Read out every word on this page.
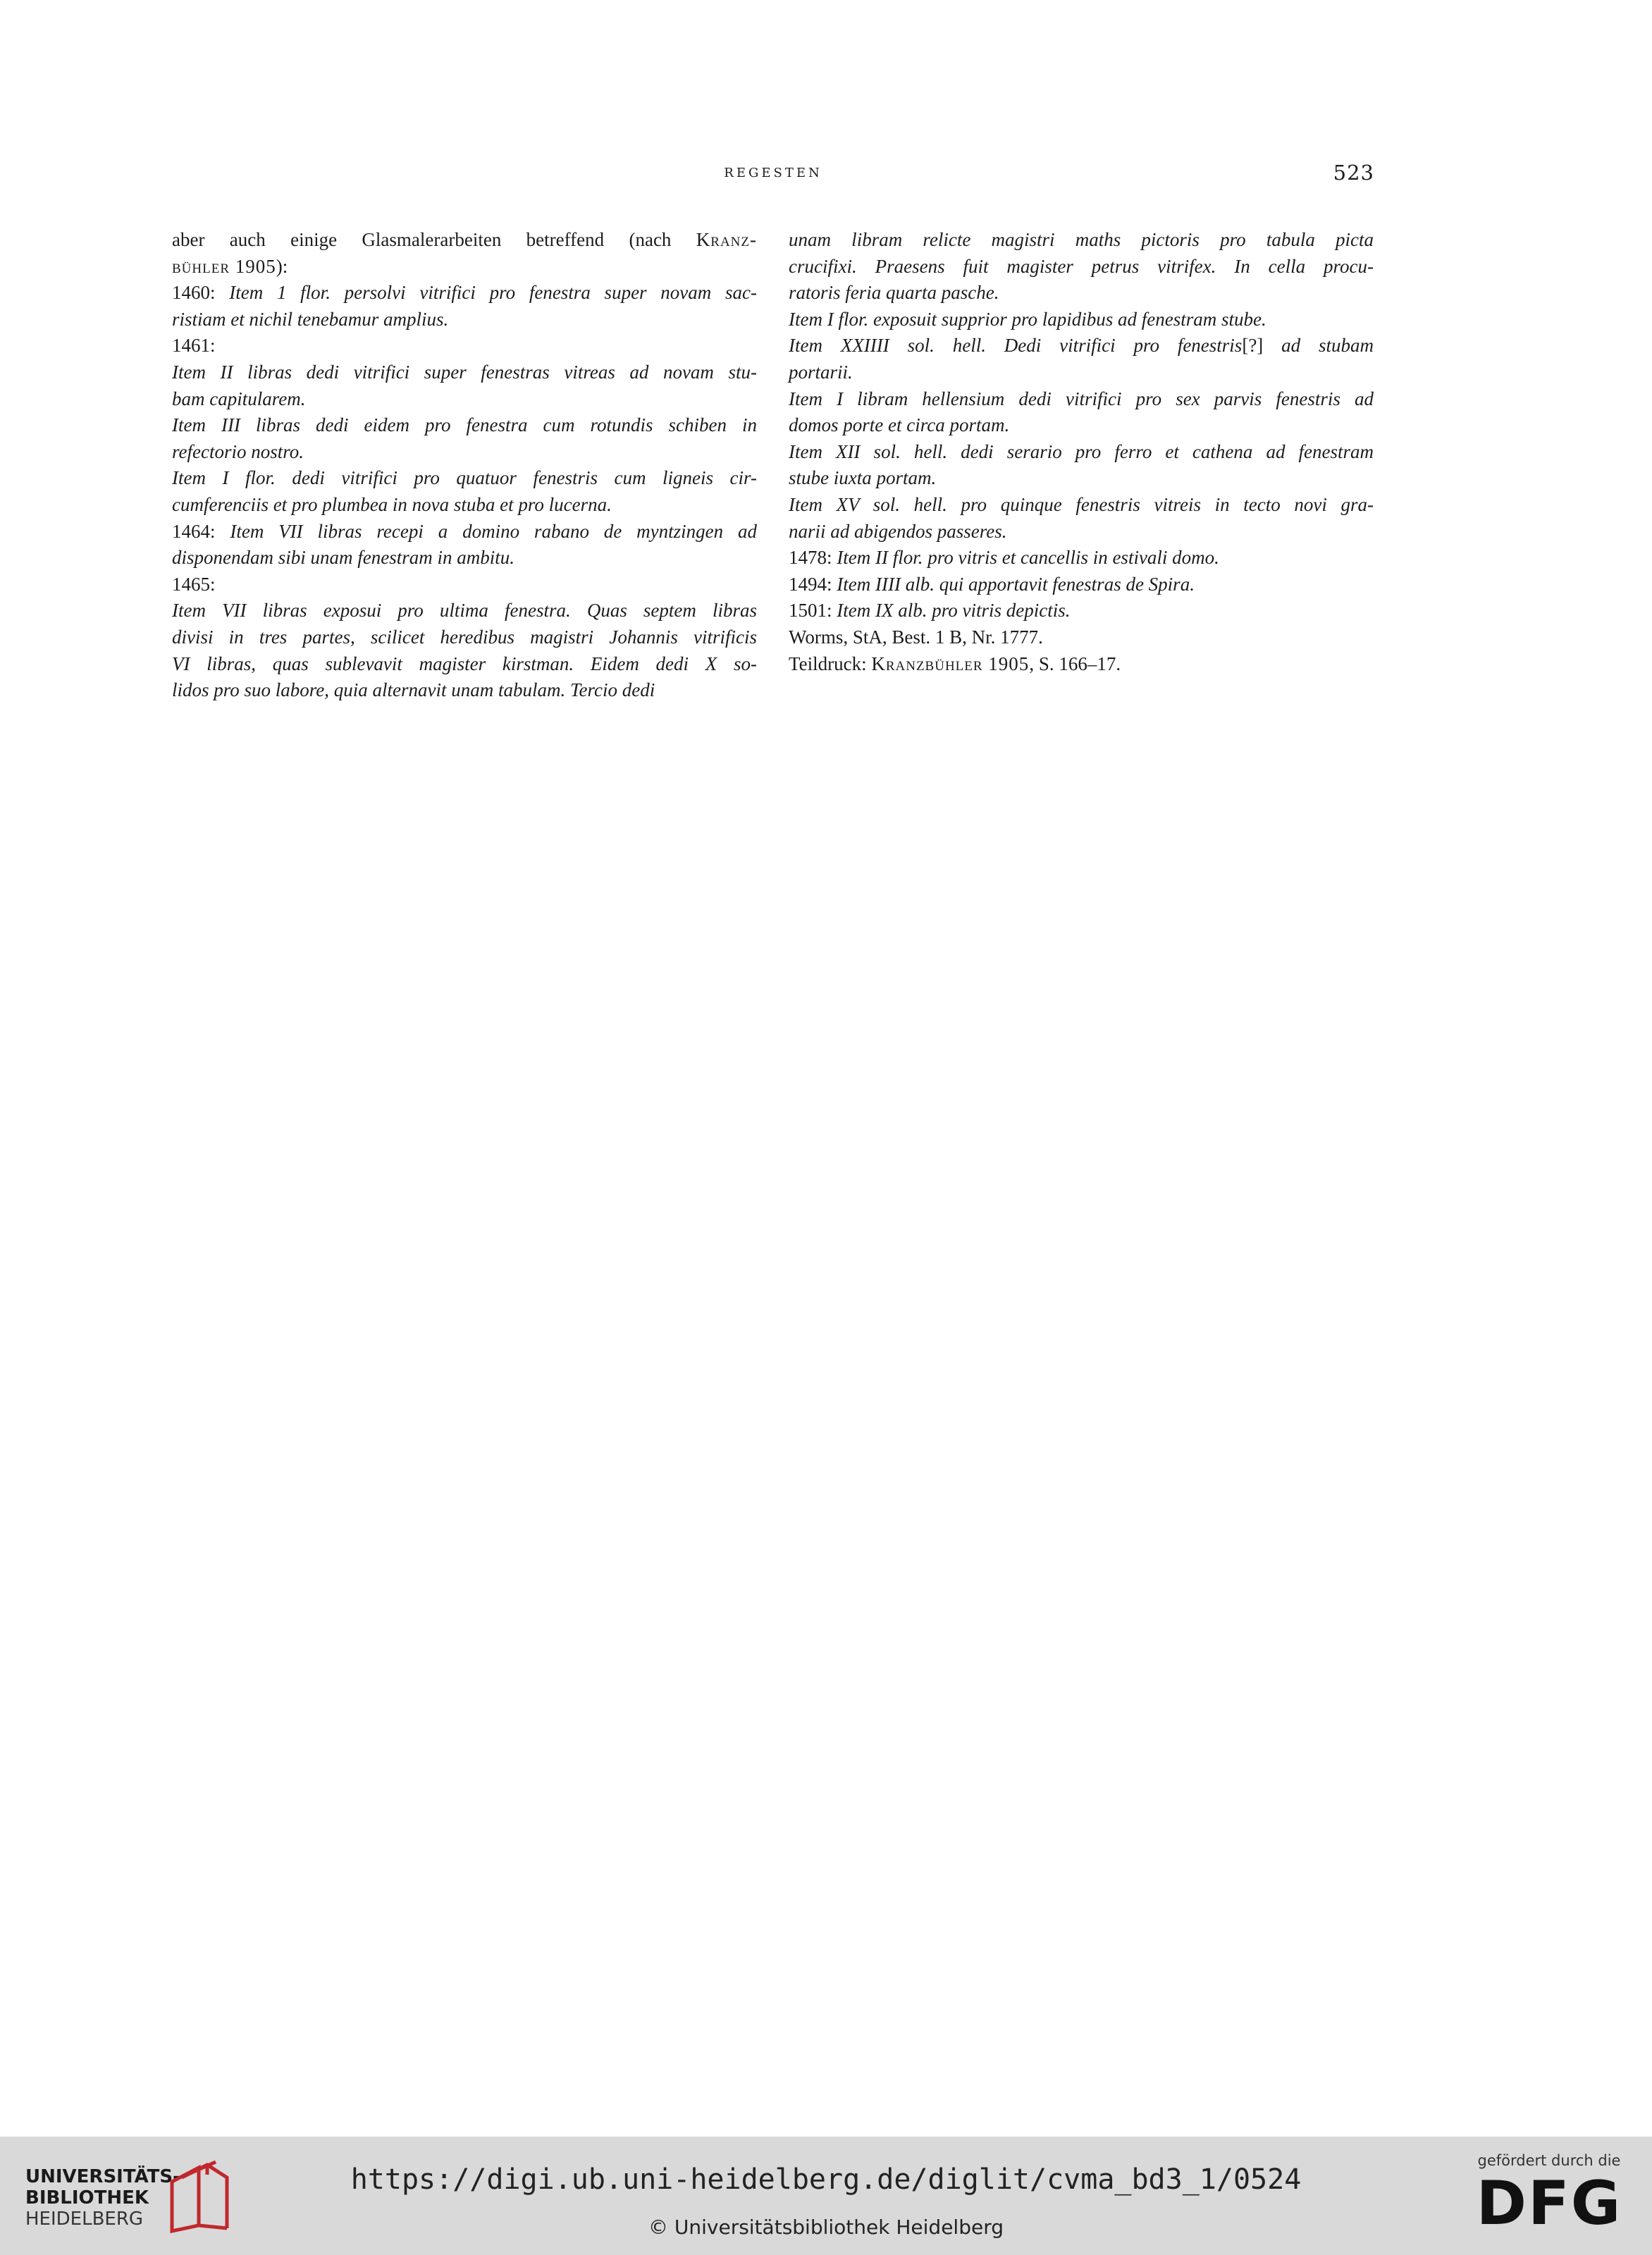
regesten	523
aber auch einige Glasmalerarbeiten betreffend (nach Kranz-
bühler 1905):
1460: Item 1 flor. persolvi vitrifici pro fenestra super novam sac-
ristiam et nichil tenebamur amplius.
1461:
Item II libras dedi vitrifici super fenestras vitreas ad novam stu-
bam capitularem.
Item III libras dedi eidem pro fenestra cum rotundis schiben in
refectorio nostro.
Item I flor. dedi vitrifici pro quatuor fenestris cum ligneis cir-
cumferenciis et pro plumbea in nova stuba et pro lucerna.
1464: Item VII libras recepi a domino rabano de myntzingen ad
disponendam sibi unam fenestram in ambitu.
1465:
Item VII libras exposui pro ultima fenestra. Quas septem libras
divisi in tres partes, scilicet heredibus magistri Johannis vitrificis
VI libras, quas sublevavit magister kirstman. Eidem dedi X so-
lidos pro suo labore, quia alternavit unam tabulam. Tercio dedi
unam libram relicte magistri maths pictoris pro tabula picta
crucifixi. Praesens fuit magister petrus vitrifex. In cella procu-
ratoris feria quarta pasche.
Item I flor. exposuit supprior pro lapidibus ad fenestram stube.
Item XXIIII sol. hell. Dedi vitrifici pro fenestris[?] ad stubam
portarii.
Item I libram hellensium dedi vitrifici pro sex parvis fenestris ad
domos porte et circa portam.
Item XII sol. hell. dedi serario pro ferro et cathena ad fenestram
stube iuxta portam.
Item XV sol. hell. pro quinque fenestris vitreis in tecto novi gra-
narii ad abigendos passeres.
1478: Item II flor. pro vitris et cancellis in estivali domo.
1494: Item IIII alb. qui apportavit fenestras de Spira.
1501: Item IX alb. pro vitris depictis.
Worms, StA, Best. 1 B, Nr. 1777.
Teildruck: Kranzbühler 1905, S. 166–17.
UNIVERSITÄTS-
BIBLIOTHEK
HEIDELBERG
https://digi.ub.uni-heidelberg.de/diglit/cvma_bd3_1/0524
© Universitätsbibliothek Heidelberg
gefördert durch die
DFG
